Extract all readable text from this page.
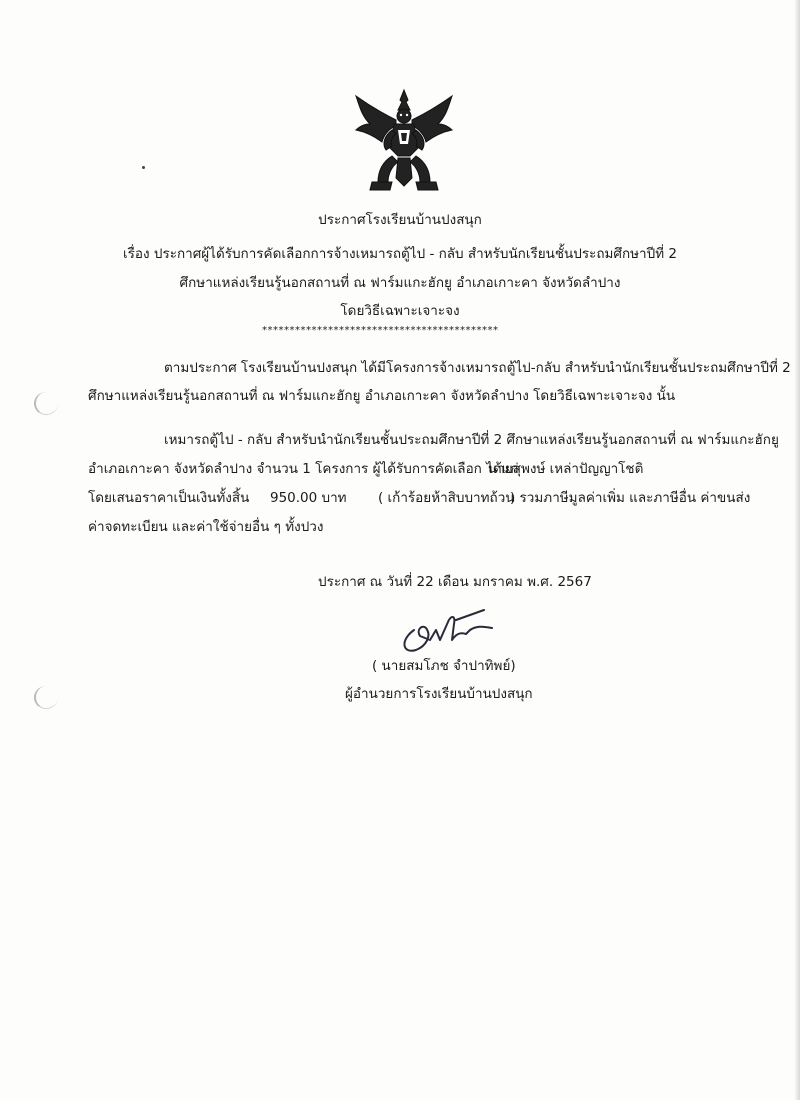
ประกาศโรงเรียนบ้านปงสนุก
เรื่อง ประกาศผู้ได้รับการคัดเลือกการจ้างเหมารถตู้ไป - กลับ สำหรับนักเรียนชั้นประถมศึกษาปีที่ 2
ศึกษาแหล่งเรียนรู้นอกสถานที่ ณ ฟาร์มแกะฮักยู อำเภอเกาะคา จังหวัดลำปาง
โดยวิธีเฉพาะเจาะจง
*******************************************
ตามประกาศ โรงเรียนบ้านปงสนุก ได้มีโครงการจ้างเหมารถตู้ไป-กลับ สำหรับนำนักเรียนชั้นประถมศึกษาปีที่ 2
ศึกษาแหล่งเรียนรู้นอกสถานที่ ณ ฟาร์มแกะฮักยู อำเภอเกาะคา จังหวัดลำปาง โดยวิธีเฉพาะเจาะจง นั้น
เหมารถตู้ไป - กลับ สำหรับนำนักเรียนชั้นประถมศึกษาปีที่ 2 ศึกษาแหล่งเรียนรู้นอกสถานที่ ณ ฟาร์มแกะฮักยู
อำเภอเกาะคา จังหวัดลำปาง จำนวน 1 โครงการ ผู้ได้รับการคัดเลือก ได้แก่
นายสุพงษ์ เหล่าปัญญาโชติ
โดยเสนอราคาเป็นเงินทั้งสิ้น 950.00 บาท ( เก้าร้อยห้าสิบบาทถ้วน
) รวมภาษีมูลค่าเพิ่ม และภาษีอื่น ค่าขนส่ง
ค่าจดทะเบียน และค่าใช้จ่ายอื่น ๆ ทั้งปวง
ประกาศ ณ วันที่ 22 เดือน มกราคม พ.ศ. 2567
( นายสมโภช จำปาทิพย์)
ผู้อำนวยการโรงเรียนบ้านปงสนุก
